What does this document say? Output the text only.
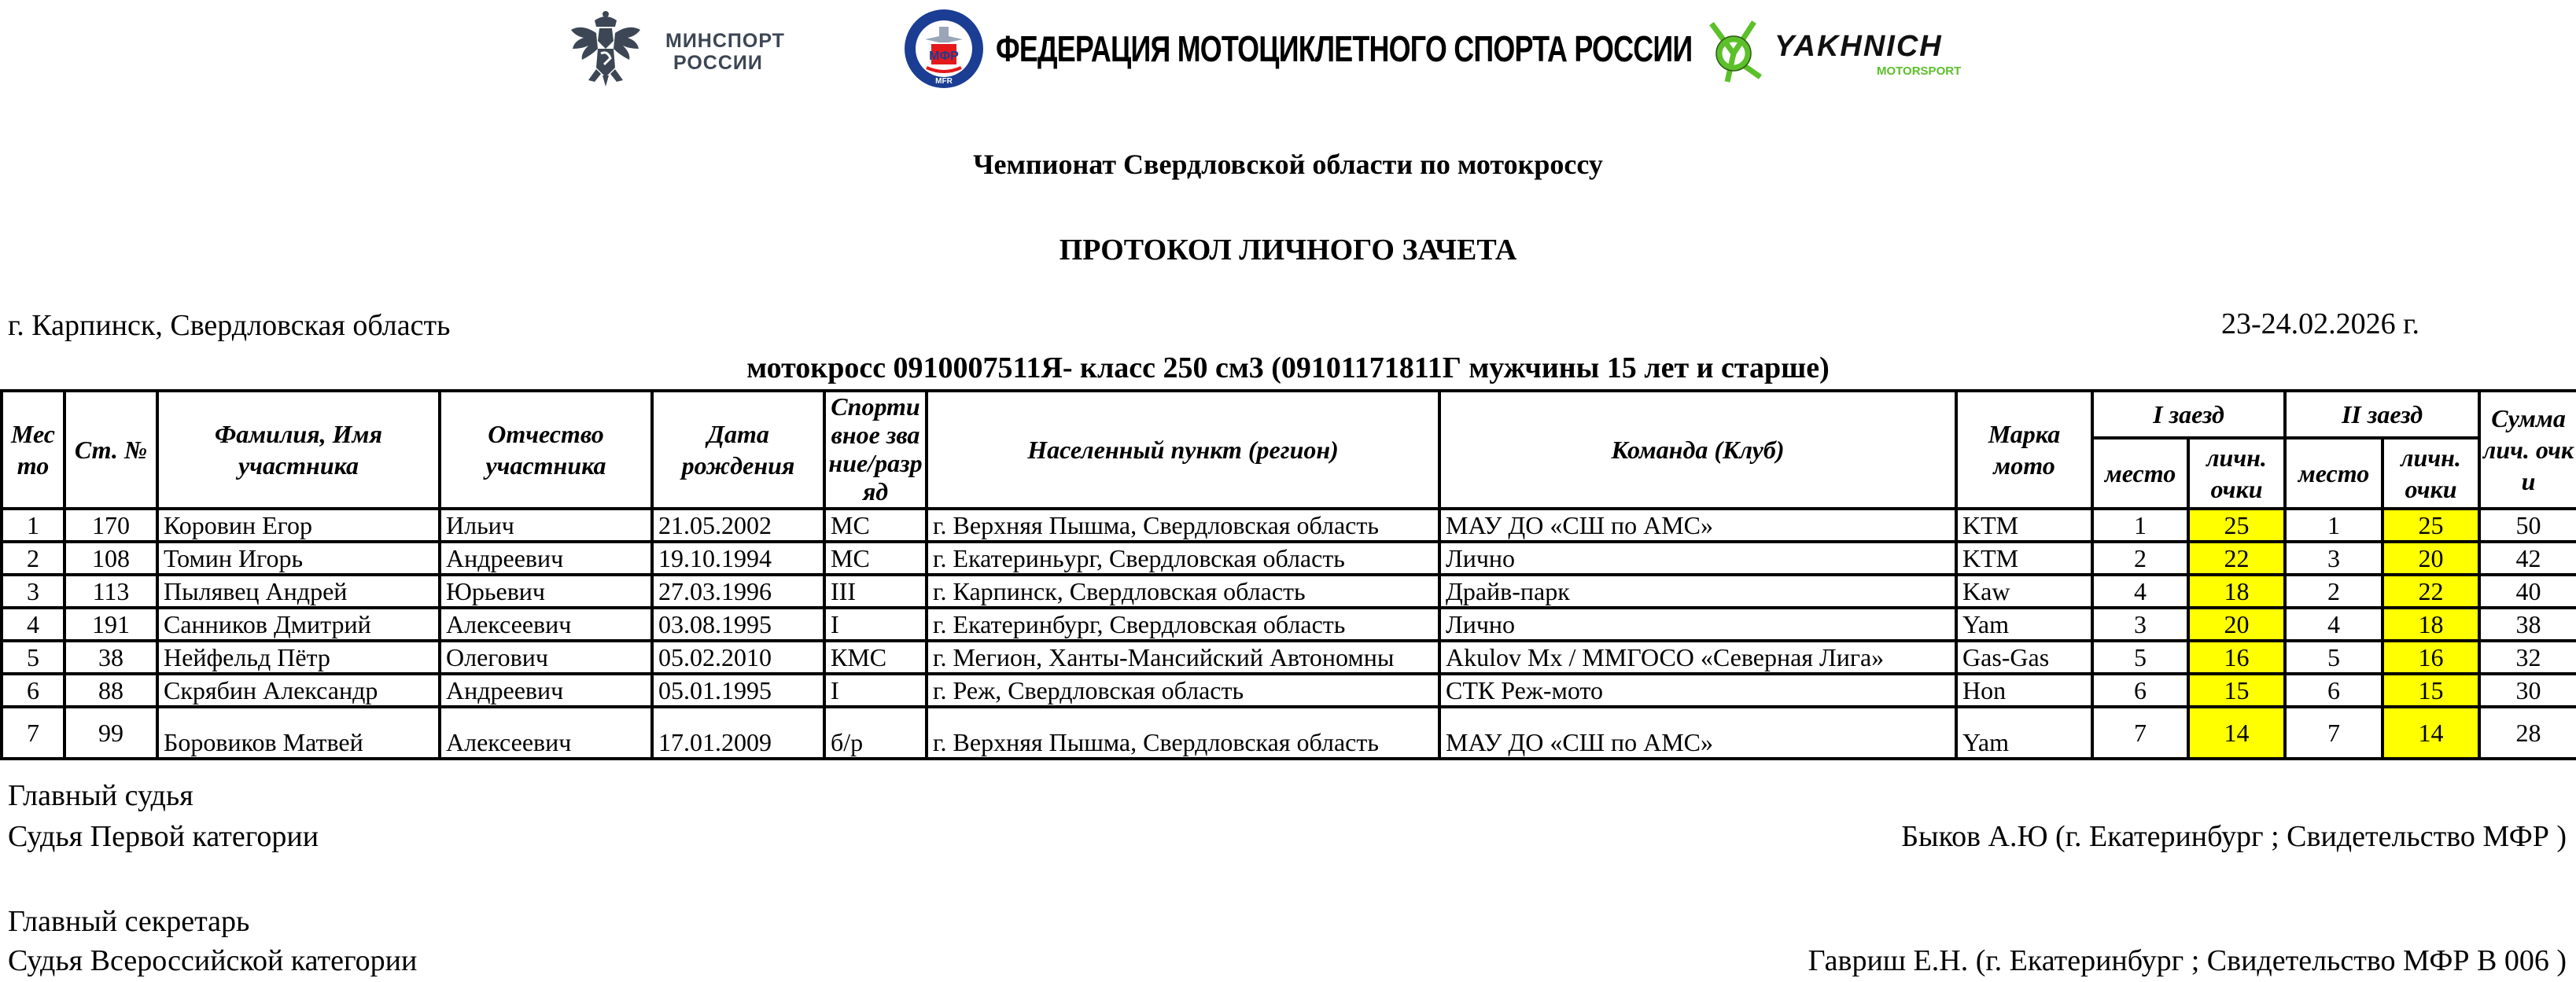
МИНСПОРТ
РОССИИ	МФР
MFR
ФЕДЕРАЦИЯ МОТОЦИКЛЕТНОГО СПОРТА РОССИИ	YAKHNICH
MOTORSPORT
Чемпионат Свердловской области по мотокроссу
ПРОТОКОЛ ЛИЧНОГО ЗАЧЕТА
г. Карпинск, Свердловская область	23-24.02.2026 г.
мотокросс 0910007511Я- класс 250 см3 (09101171811Г мужчины 15 лет и старше)
Место	Ст. №	Фамилия, Имя участника	Отчество участника	Дата рождения	Спортивное звание/разряд	Населенный пункт (регион)	Команда (Клуб)	Марка мото	I заезд		II заезд		Сумма лич. очки
									место	личн. очки	место	личн. очки	
1	170	Коровин Егор	Ильич	21.05.2002	МС	г. Верхняя Пышма, Свердловская область	МАУ ДО «СШ по АМС»	KTM	1	25	1	25	50
2	108	Томин Игорь	Андреевич	19.10.1994	МС	г. Екатериньург, Свердловская область	Лично	KTM	2	22	3	20	42
3	113	Пылявец Андрей	Юрьевич	27.03.1996	III	г. Карпинск, Свердловская область	Драйв-парк	Kaw	4	18	2	22	40
4	191	Санников Дмитрий	Алексеевич	03.08.1995	I	г. Екатеринбург, Свердловская область	Лично	Yam	3	20	4	18	38
5	38	Нейфельд Пётр	Олегович	05.02.2010	КМС	г. Мегион, Ханты-Мансийский Автономны	Akulov Mx / ММГОСО «Северная Лига»	Gas-Gas	5	16	5	16	32
6	88	Скрябин Александр	Андреевич	05.01.1995	I	г. Реж, Свердловская область	СТК Реж-мото	Hon	6	15	6	15	30
7	99	Боровиков Матвей	Алексеевич	17.01.2009	б/р	г. Верхняя Пышма, Свердловская область	МАУ ДО «СШ по АМС»	Yam	7	14	7	14	28
Главный судья
Судья Первой категории	Быков А.Ю (г. Екатеринбург ; Свидетельство МФР )
Главный секретарь
Судья Всероссийской категории	Гавриш Е.Н. (г. Екатеринбург ; Свидетельство МФР В 006 )
